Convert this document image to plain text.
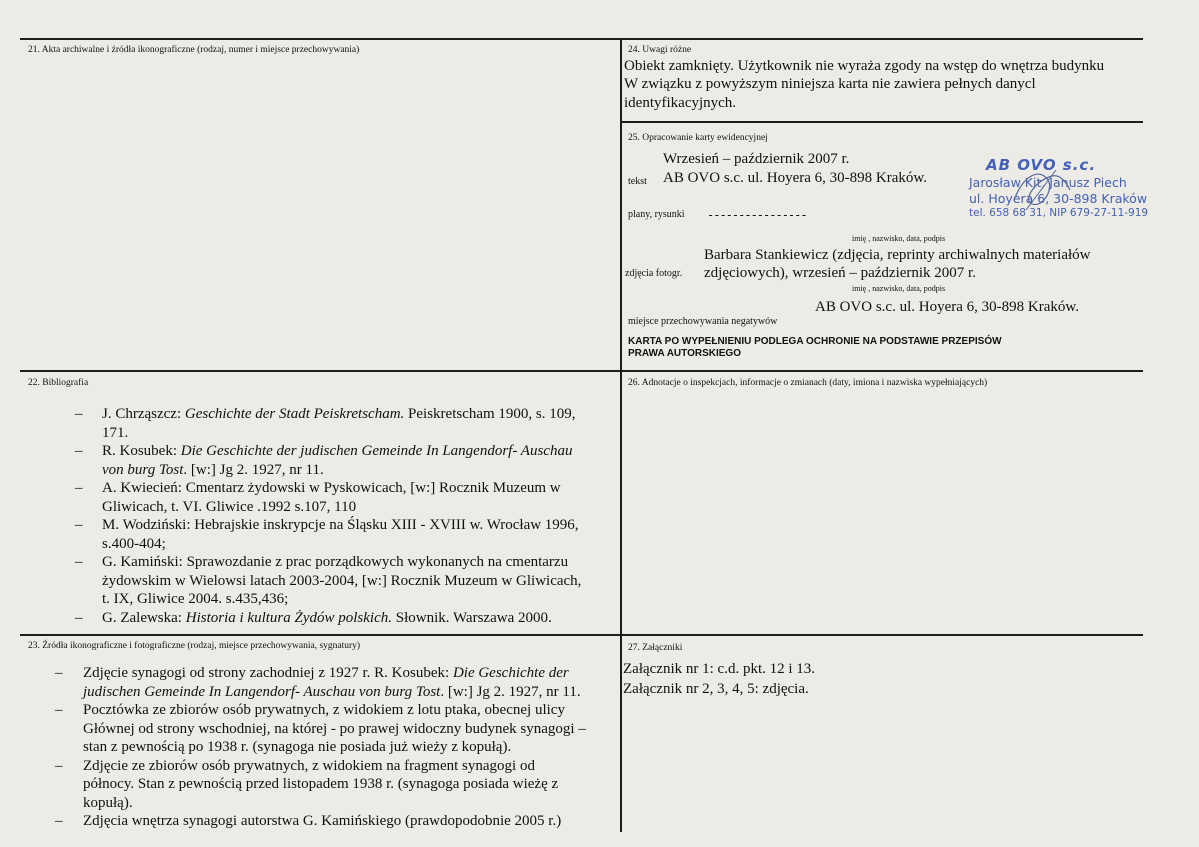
21. Akta archiwalne i źródła ikonograficzne (rodzaj, numer i miejsce przechowywania)	24. Uwagi różne
Obiekt zamknięty. Użytkownik nie wyraża zgody na wstęp do wnętrza budynku
W związku z powyższym niniejsza karta nie zawiera pełnych danycl
identyfikacyjnych.
25. Opracowanie karty ewidencyjnej
tekst
Wrzesień – październik 2007 r.
AB OVO s.c. ul. Hoyera 6, 30-898 Kraków.
plany, rysunki ----------------
imię , nazwisko, data, podpis
Barbara Stankiewicz (zdjęcia, reprinty archiwalnych materiałów
zdjęcia fotogr. zdjęciowych), wrzesień – październik 2007 r.
imię , nazwisko, data, podpis
AB OVO s.c. ul. Hoyera 6, 30-898 Kraków.
miejsce przechowywania negatywów
KARTA PO WYPEŁNIENIU PODLEGA OCHRONIE NA PODSTAWIE PRZEPISÓW
PRAWA AUTORSKIEGO
AB OVO s.c.
Jarosław Kit, Janusz Piech
ul. Hoyera 6, 30-898 Kraków
tel. 658 68 31, NIP 679-27-11-919
22. Bibliografia
– J. Chrząszcz: Geschichte der Stadt Peiskretscham. Peiskretscham 1900, s. 109,
171.
– R. Kosubek: Die Geschichte der judischen Gemeinde In Langendorf- Auschau
von burg Tost. [w:] Jg 2. 1927, nr 11.
– A. Kwiecień: Cmentarz żydowski w Pyskowicach, [w:] Rocznik Muzeum w
Gliwicach, t. VI. Gliwice .1992 s.107, 110
– M. Wodziński: Hebrajskie inskrypcje na Śląsku XIII - XVIII w. Wrocław 1996,
s.400-404;
– G. Kamiński: Sprawozdanie z prac porządkowych wykonanych na cmentarzu
żydowskim w Wielowsi latach 2003-2004, [w:] Rocznik Muzeum w Gliwicach,
t. IX, Gliwice 2004. s.435,436;
– G. Zalewska: Historia i kultura Żydów polskich. Słownik. Warszawa 2000.
26. Adnotacje o inspekcjach, informacje o zmianach (daty, imiona i nazwiska wypełniających)
23. Źródła ikonograficzne i fotograficzne (rodzaj, miejsce przechowywania, sygnatury)
– Zdjęcie synagogi od strony zachodniej z 1927 r. R. Kosubek: Die Geschichte der
judischen Gemeinde In Langendorf- Auschau von burg Tost. [w:] Jg 2. 1927, nr 11.
– Pocztówka ze zbiorów osób prywatnych, z widokiem z lotu ptaka, obecnej ulicy
Głównej od strony wschodniej, na której - po prawej widoczny budynek synagogi –
stan z pewnością po 1938 r. (synagoga nie posiada już wieży z kopułą).
– Zdjęcie ze zbiorów osób prywatnych, z widokiem na fragment synagogi od
północy. Stan z pewnością przed listopadem 1938 r. (synagoga posiada wieżę z
kopułą).
– Zdjęcia wnętrza synagogi autorstwa G. Kamińskiego (prawdopodobnie 2005 r.)
27. Załączniki
Załącznik nr 1: c.d. pkt. 12 i 13.
Załącznik nr 2, 3, 4, 5: zdjęcia.
